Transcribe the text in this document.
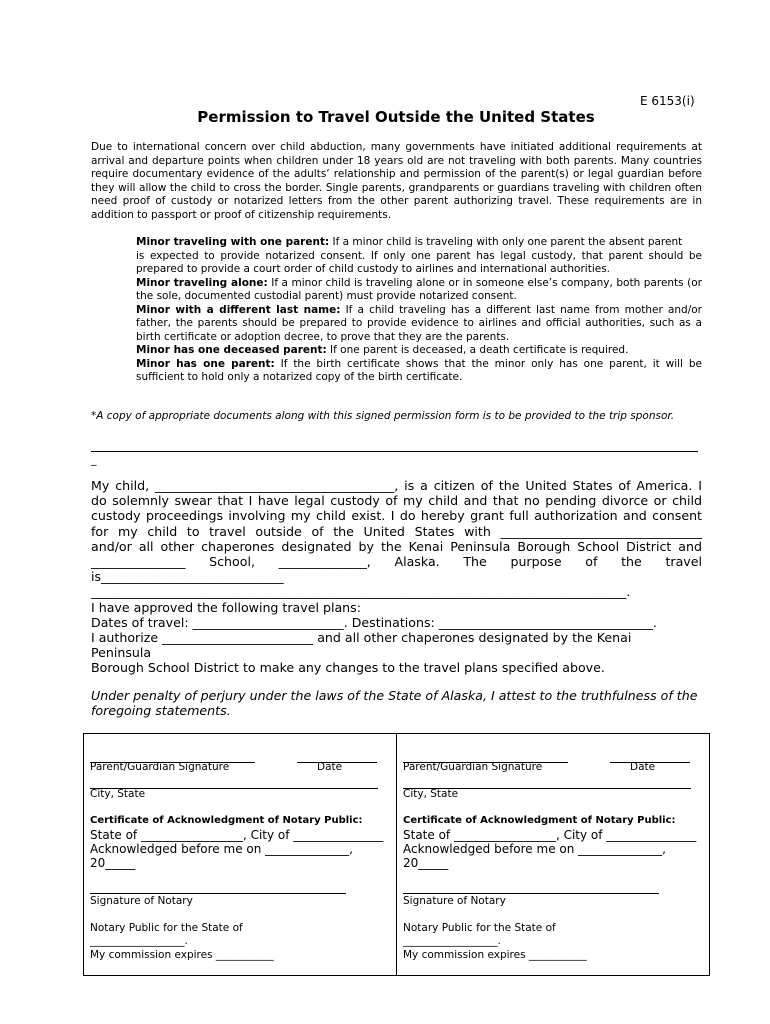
E 6153(i)
Permission to Travel Outside the United States

Due to international concern over child abduction, many governments have initiated additional requirements at arrival and departure points when children under 18 years old are not traveling with both parents. Many countries require documentary evidence of the adults’ relationship and permission of the parent(s) or legal guardian before they will allow the child to cross the border. Single parents, grandparents or guardians traveling with children often need proof of custody or notarized letters from the other parent authorizing travel. These requirements are in addition to passport or proof of citizenship requirements.

Minor traveling with one parent: If a minor child is traveling with only one parent the absent parent
is expected to provide notarized consent. If only one parent has legal custody, that parent should be prepared to provide a court order of child custody to airlines and international authorities.

Minor traveling alone: If a minor child is traveling alone or in someone else’s company, both parents (or the sole, documented custodial parent) must provide notarized consent.

Minor with a different last name: If a child traveling has a different last name from mother and/or father, the parents should be prepared to provide evidence to airlines and official authorities, such as a birth certificate or adoption decree, to prove that they are the parents.

Minor has one deceased parent: If one parent is deceased, a death certificate is required.

Minor has one parent: If the birth certificate shows that the minor only has one parent, it will be sufficient to hold only a notarized copy of the birth certificate.

*A copy of appropriate documents along with this signed permission form is to be provided to the trip sponsor.

_

My child, ______________________________________, is a citizen of the United States of America. I

do solemnly swear that I have legal custody of my child and that no pending divorce or child

custody proceedings involving my child exist. I do hereby grant full authorization and consent

for my child to travel outside of the United States with ________________________________

and/or all other chaperones designated by the Kenai Peninsula Borough School District and

_______________ School, ______________, Alaska. The purpose of the travel

is_____________________________

_____________________________________________________________________________________.

I have approved the following travel plans:

Dates of travel: ________________________. Destinations: __________________________________.

I authorize ________________________ and all other chaperones designated by the Kenai

Peninsula

Borough School District to make any changes to the travel plans specified above.

Under penalty of perjury under the laws of the State of Alaska, I attest to the truthfulness of the foregoing statements.

Parent/Guardian Signature	Date
City, State
Certificate of Acknowledgment of Notary Public:
State of _________________, City of _______________
Acknowledged before me on ______________,
20_____
Signature of Notary
Notary Public for the State of
__________________.
My commission expires ___________
Parent/Guardian Signature	Date
City, State
Certificate of Acknowledgment of Notary Public:
State of _________________, City of _______________
Acknowledged before me on ______________,
20_____
Signature of Notary
Notary Public for the State of
__________________.
My commission expires ___________
